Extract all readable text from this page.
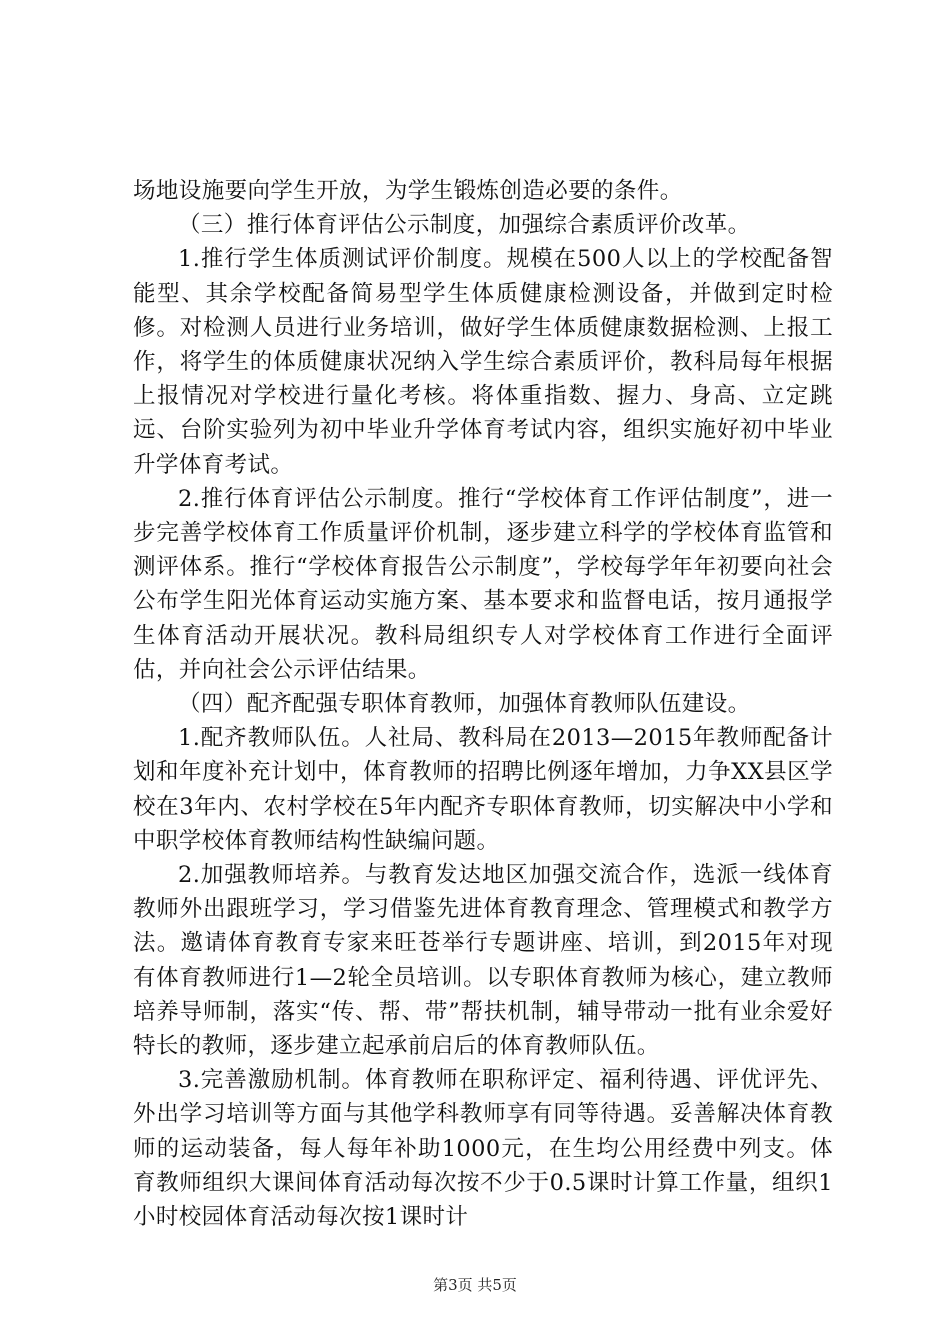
场地设施要向学生开放，为学生锻炼创造必要的条件。

（三）推行体育评估公示制度，加强综合素质评价改革。

1.推行学生体质测试评价制度。规模在500人以上的学校配备智能型、其余学校配备简易型学生体质健康检测设备，并做到定时检修。对检测人员进行业务培训，做好学生体质健康数据检测、上报工作，将学生的体质健康状况纳入学生综合素质评价，教科局每年根据上报情况对学校进行量化考核。将体重指数、握力、身高、立定跳远、台阶实验列为初中毕业升学体育考试内容，组织实施好初中毕业升学体育考试。

2.推行体育评估公示制度。推行“学校体育工作评估制度”，进一步完善学校体育工作质量评价机制，逐步建立科学的学校体育监管和测评体系。推行“学校体育报告公示制度”，学校每学年年初要向社会公布学生阳光体育运动实施方案、基本要求和监督电话，按月通报学生体育活动开展状况。教科局组织专人对学校体育工作进行全面评估，并向社会公示评估结果。

（四）配齐配强专职体育教师，加强体育教师队伍建设。

1.配齐教师队伍。人社局、教科局在2013—2015年教师配备计划和年度补充计划中，体育教师的招聘比例逐年增加，力争XX县区学校在3年内、农村学校在5年内配齐专职体育教师，切实解决中小学和中职学校体育教师结构性缺编问题。

2.加强教师培养。与教育发达地区加强交流合作，选派一线体育教师外出跟班学习，学习借鉴先进体育教育理念、管理模式和教学方法。邀请体育教育专家来旺苍举行专题讲座、培训，到2015年对现有体育教师进行1—2轮全员培训。以专职体育教师为核心，建立教师培养导师制，落实“传、帮、带”帮扶机制，辅导带动一批有业余爱好特长的教师，逐步建立起承前启后的体育教师队伍。

3.完善激励机制。体育教师在职称评定、福利待遇、评优评先、外出学习培训等方面与其他学科教师享有同等待遇。妥善解决体育教师的运动装备，每人每年补助1000元，在生均公用经费中列支。体育教师组织大课间体育活动每次按不少于0.5课时计算工作量，组织1小时校园体育活动每次按1课时计

第3页 共5页
